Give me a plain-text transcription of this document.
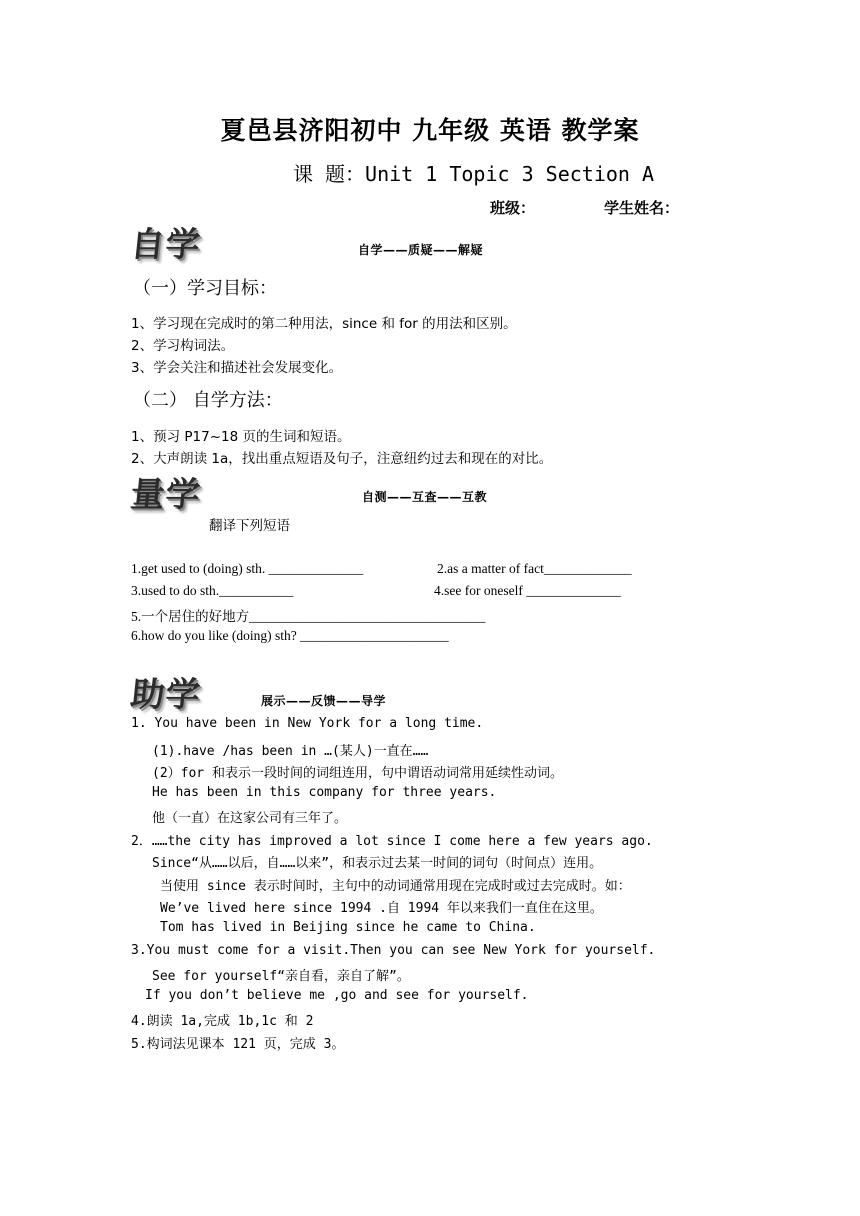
夏邑县济阳初中 九年级 英语 教学案
课 题：Unit 1 Topic 3 Section A
班级：	学生姓名：
自学	自学——质疑——解疑
（一）学习目标：
1、学习现在完成时的第二种用法，since 和 for 的用法和区别。
2、学习构词法。
3、学会关注和描述社会发展变化。
（二） 自学方法：
1、预习 P17~18 页的生词和短语。
2、大声朗读 1a，找出重点短语及句子，注意纽约过去和现在的对比。
量学	自测——互查——互教
翻译下列短语
1.get used to (doing) sth. ______________	2.as a matter of fact_____________
3.used to do sth.___________	4.see for oneself ______________
5.一个居住的好地方___________________________________
6.how do you like (doing) sth? ______________________
助学	展示——反馈——导学
1. You have been in New York for a long time.
(1).have /has been in …(某人)一直在……
(2）for 和表示一段时间的词组连用，句中谓语动词常用延续性动词。
He has been in this company for three years.
他（一直）在这家公司有三年了。
2．……the city has improved a lot since I come here a few years ago.
Since“从……以后，自……以来”，和表示过去某一时间的词句（时间点）连用。
当使用 since 表示时间时，主句中的动词通常用现在完成时或过去完成时。如：
We’ve lived here since 1994 .自 1994 年以来我们一直住在这里。
Tom has lived in Beijing since he came to China.
3.You must come for a visit.Then you can see New York for yourself.
See for yourself“亲自看，亲自了解”。
If you don’t believe me ,go and see for yourself.
4.朗读 1a,完成 1b,1c 和 2
5.构词法见课本 121 页，完成 3。
